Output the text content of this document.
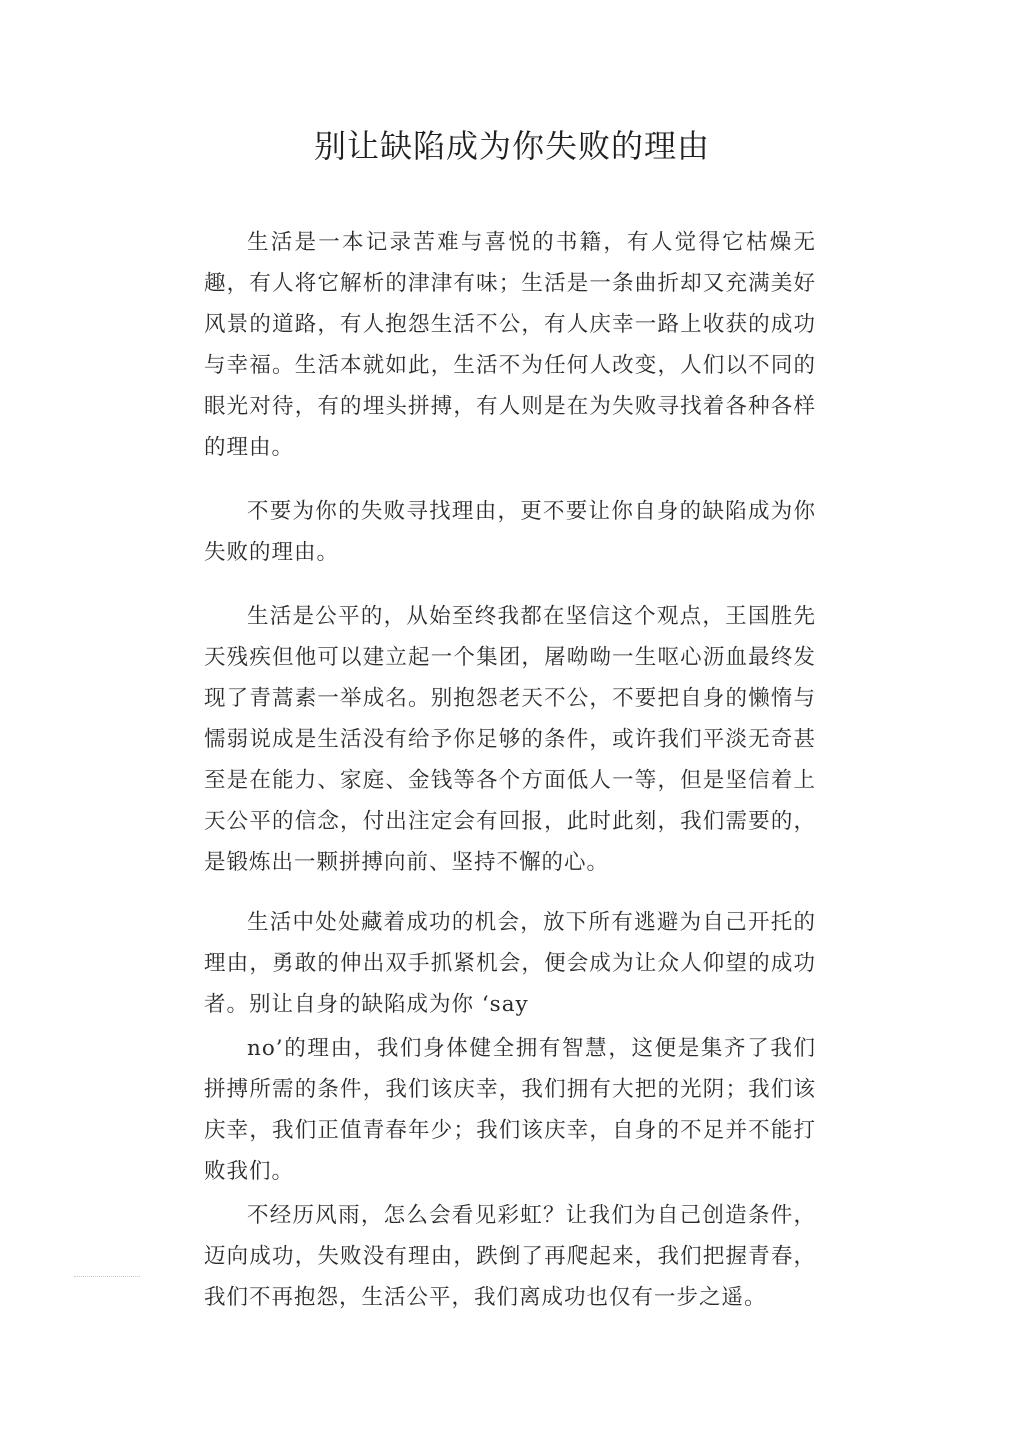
别让缺陷成为你失败的理由

生活是一本记录苦难与喜悦的书籍，有人觉得它枯燥无趣，有人将它解析的津津有味；生活是一条曲折却又充满美好风景的道路，有人抱怨生活不公，有人庆幸一路上收获的成功与幸福。生活本就如此，生活不为任何人改变，人们以不同的眼光对待，有的埋头拼搏，有人则是在为失败寻找着各种各样的理由。

不要为你的失败寻找理由，更不要让你自身的缺陷成为你失败的理由。

生活是公平的，从始至终我都在坚信这个观点，王国胜先天残疾但他可以建立起一个集团，屠呦呦一生呕心沥血最终发现了青蒿素一举成名。别抱怨老天不公，不要把自身的懒惰与懦弱说成是生活没有给予你足够的条件，或许我们平淡无奇甚至是在能力、家庭、金钱等各个方面低人一等，但是坚信着上天公平的信念，付出注定会有回报，此时此刻，我们需要的，是锻炼出一颗拼搏向前、坚持不懈的心。

生活中处处藏着成功的机会，放下所有逃避为自己开托的理由，勇敢的伸出双手抓紧机会，便会成为让众人仰望的成功者。别让自身的缺陷成为你 ‘say

no’的理由，我们身体健全拥有智慧，这便是集齐了我们拼搏所需的条件，我们该庆幸，我们拥有大把的光阴；我们该庆幸，我们正值青春年少；我们该庆幸，自身的不足并不能打败我们。

不经历风雨，怎么会看见彩虹？让我们为自己创造条件，迈向成功，失败没有理由，跌倒了再爬起来，我们把握青春，我们不再抱怨，生活公平，我们离成功也仅有一步之遥。
